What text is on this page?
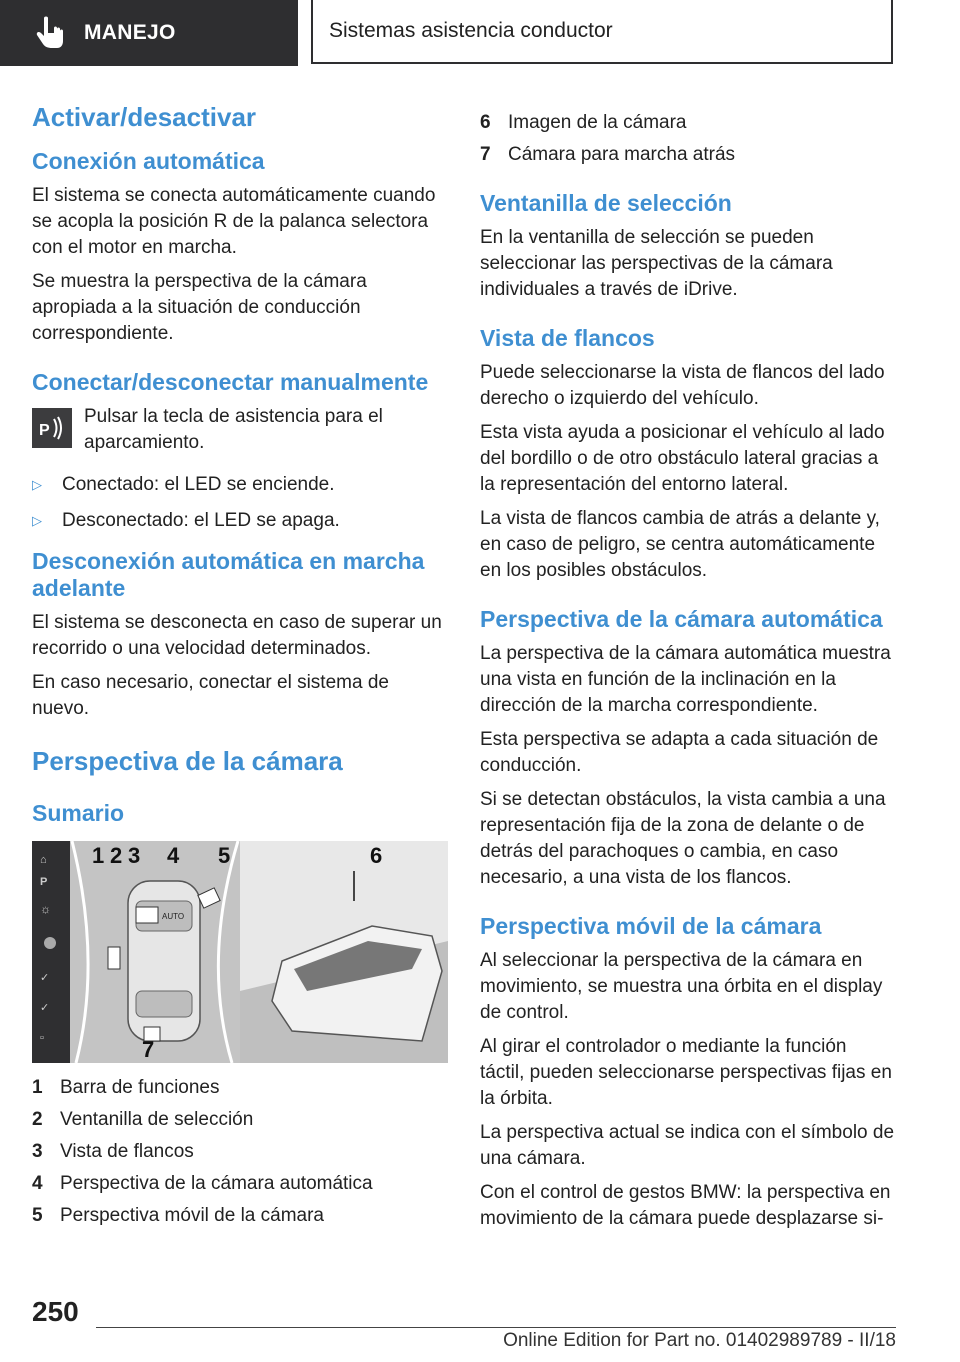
MANEJO	Sistemas asistencia conductor
Activar/desactivar
Conexión automática

El sistema se conecta automáticamente cuando se acopla la posición R de la palanca selectora con el motor en marcha.

Se muestra la perspectiva de la cámara apropiada a la situación de conducción correspondiente.

Conectar/desconectar manualmente
P

Pulsar la tecla de asistencia para el aparcamiento.

▷	Conectado: el LED se enciende.

▷	Desconectado: el LED se apaga.

Desconexión automática en marcha adelante

El sistema se desconecta en caso de superar un recorrido o una velocidad determinados.

En caso necesario, conectar el sistema de nuevo.

Perspectiva de la cámara
Sumario
⌂
P
☼
✓
✓
▫
AUTO
1 2 3 4 5	6
7
1 Barra de funciones
2 Ventanilla de selección
3 Vista de flancos
4 Perspectiva de la cámara automática
5 Perspectiva móvil de la cámara
6 Imagen de la cámara
7 Cámara para marcha atrás
Ventanilla de selección

En la ventanilla de selección se pueden seleccionar las perspectivas de la cámara individuales a través de iDrive.

Vista de flancos

Puede seleccionarse la vista de flancos del lado derecho o izquierdo del vehículo.

Esta vista ayuda a posicionar el vehículo al lado del bordillo o de otro obstáculo lateral gracias a la representación del entorno lateral.

La vista de flancos cambia de atrás a delante y, en caso de peligro, se centra automáticamente en los posibles obstáculos.

Perspectiva de la cámara automática

La perspectiva de la cámara automática muestra una vista en función de la inclinación en la dirección de la marcha correspondiente.

Esta perspectiva se adapta a cada situación de conducción.

Si se detectan obstáculos, la vista cambia a una representación fija de la zona de delante o de detrás del parachoques o cambia, en caso necesario, a una vista de los flancos.

Perspectiva móvil de la cámara

Al seleccionar la perspectiva de la cámara en movimiento, se muestra una órbita en el display de control.

Al girar el controlador o mediante la función táctil, pueden seleccionarse perspectivas fijas en la órbita.

La perspectiva actual se indica con el símbolo de una cámara.

Con el control de gestos BMW: la perspectiva en movimiento de la cámara puede desplazarse si-

250
Online Edition for Part no. 01402989789 - II/18
